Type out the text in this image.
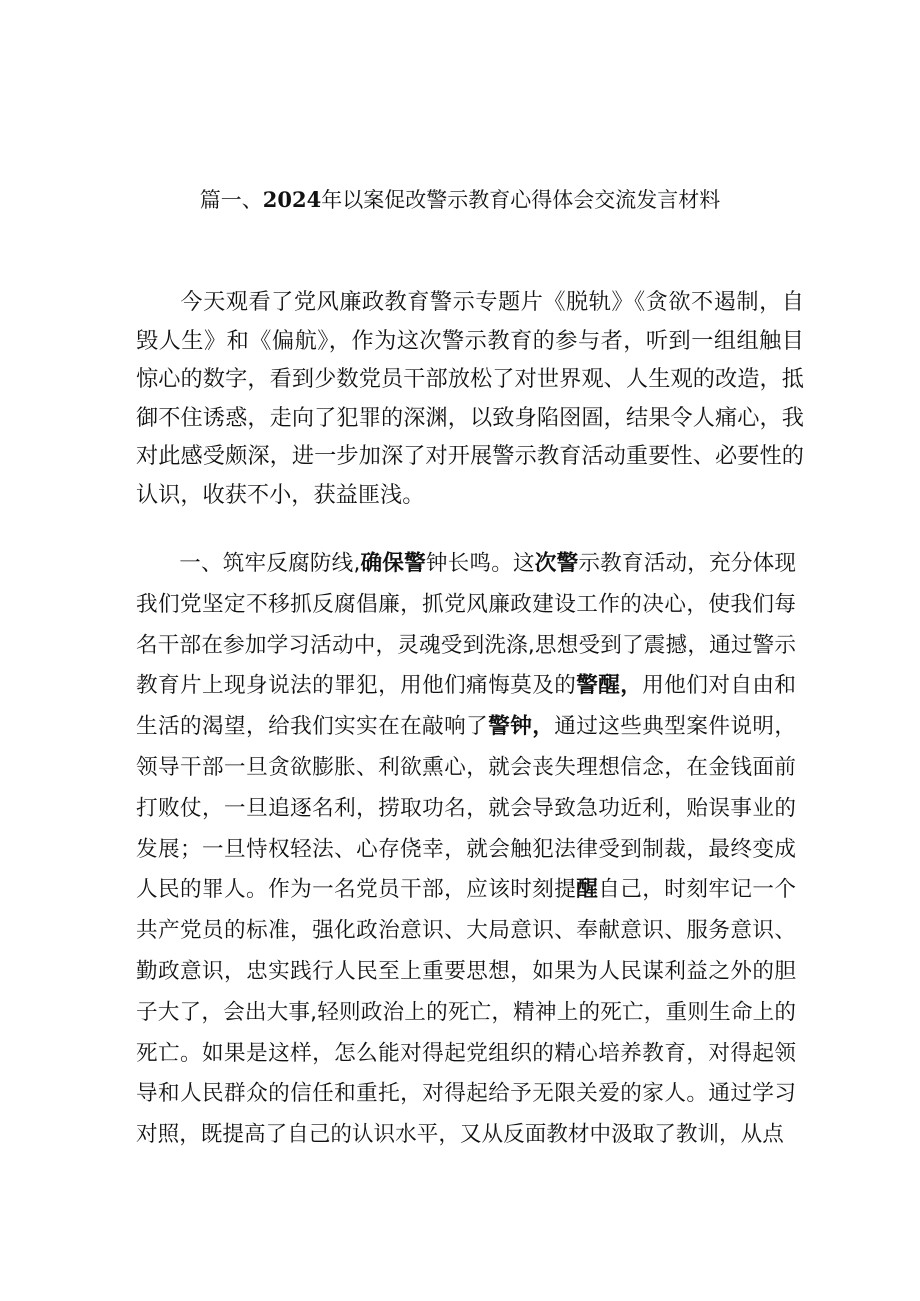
篇一、2024年以案促改警示教育心得体会交流发言材料

今天观看了党风廉政教育警示专题片《脱轨》《贪欲不遏制，自毁人生》和《偏航》，作为这次警示教育的参与者，听到一组组触目惊心的数字，看到少数党员干部放松了对世界观、人生观的改造，抵御不住诱惑，走向了犯罪的深渊，以致身陷囹圄，结果令人痛心，我对此感受颇深，进一步加深了对开展警示教育活动重要性、必要性的认识，收获不小，获益匪浅。

一、筑牢反腐防线,确保警钟长鸣。这次警示教育活动，充分体现我们党坚定不移抓反腐倡廉，抓党风廉政建设工作的决心，使我们每名干部在参加学习活动中，灵魂受到洗涤,思想受到了震撼，通过警示教育片上现身说法的罪犯，用他们痛悔莫及的警醒，用他们对自由和生活的渴望，给我们实实在在敲响了警钟，通过这些典型案件说明，领导干部一旦贪欲膨胀、利欲熏心，就会丧失理想信念，在金钱面前打败仗，一旦追逐名利，捞取功名，就会导致急功近利，贻误事业的发展；一旦恃权轻法、心存侥幸，就会触犯法律受到制裁，最终变成人民的罪人。作为一名党员干部，应该时刻提醒自己，时刻牢记一个共产党员的标准，强化政治意识、大局意识、奉献意识、服务意识、勤政意识，忠实践行人民至上重要思想，如果为人民谋利益之外的胆子大了，会出大事,轻则政治上的死亡，精神上的死亡，重则生命上的死亡。如果是这样，怎么能对得起党组织的精心培养教育，对得起领导和人民群众的信任和重托，对得起给予无限关爱的家人。通过学习对照，既提高了自己的认识水平，又从反面教材中汲取了教训，从点
